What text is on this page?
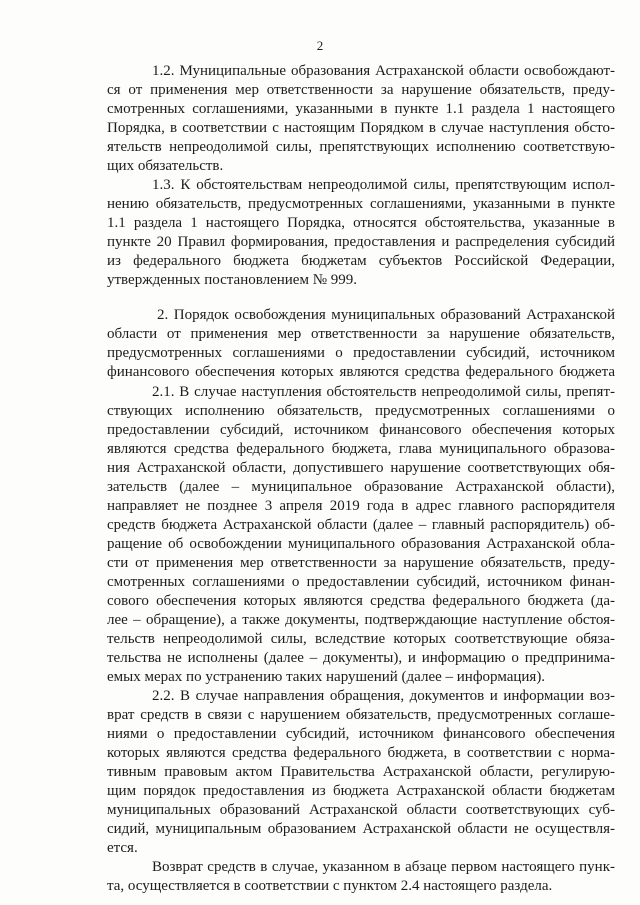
2
1.2. Муниципальные образования Астраханской области освобождают-
ся от применения мер ответственности за нарушение обязательств, преду-
смотренных соглашениями, указанными в пункте 1.1 раздела 1 настоящего
Порядка, в соответствии с настоящим Порядком в случае наступления обсто-
ятельств непреодолимой силы, препятствующих исполнению соответствую-
щих обязательств.
1.3. К обстоятельствам непреодолимой силы, препятствующим испол-
нению обязательств, предусмотренных соглашениями, указанными в пункте
1.1 раздела 1 настоящего Порядка, относятся обстоятельства, указанные в
пункте 20 Правил формирования, предоставления и распределения субсидий
из федерального бюджета бюджетам субъектов Российской Федерации,
утвержденных постановлением № 999.
2. Порядок освобождения муниципальных образований Астраханской
области от применения мер ответственности за нарушение обязательств,
предусмотренных соглашениями о предоставлении субсидий, источником
финансового обеспечения которых являются средства федерального бюджета
2.1. В случае наступления обстоятельств непреодолимой силы, препят-
ствующих исполнению обязательств, предусмотренных соглашениями о
предоставлении субсидий, источником финансового обеспечения которых
являются средства федерального бюджета, глава муниципального образова-
ния Астраханской области, допустившего нарушение соответствующих обя-
зательств (далее – муниципальное образование Астраханской области),
направляет не позднее 3 апреля 2019 года в адрес главного распорядителя
средств бюджета Астраханской области (далее – главный распорядитель) об-
ращение об освобождении муниципального образования Астраханской обла-
сти от применения мер ответственности за нарушение обязательств, преду-
смотренных соглашениями о предоставлении субсидий, источником финан-
сового обеспечения которых являются средства федерального бюджета (да-
лее – обращение), а также документы, подтверждающие наступление обстоя-
тельств непреодолимой силы, вследствие которых соответствующие обяза-
тельства не исполнены (далее – документы), и информацию о предпринима-
емых мерах по устранению таких нарушений (далее – информация).
2.2. В случае направления обращения, документов и информации воз-
врат средств в связи с нарушением обязательств, предусмотренных соглаше-
ниями о предоставлении субсидий, источником финансового обеспечения
которых являются средства федерального бюджета, в соответствии с норма-
тивным правовым актом Правительства Астраханской области, регулирую-
щим порядок предоставления из бюджета Астраханской области бюджетам
муниципальных образований Астраханской области соответствующих суб-
сидий, муниципальным образованием Астраханской области не осуществля-
ется.
Возврат средств в случае, указанном в абзаце первом настоящего пунк-
та, осуществляется в соответствии с пунктом 2.4 настоящего раздела.
